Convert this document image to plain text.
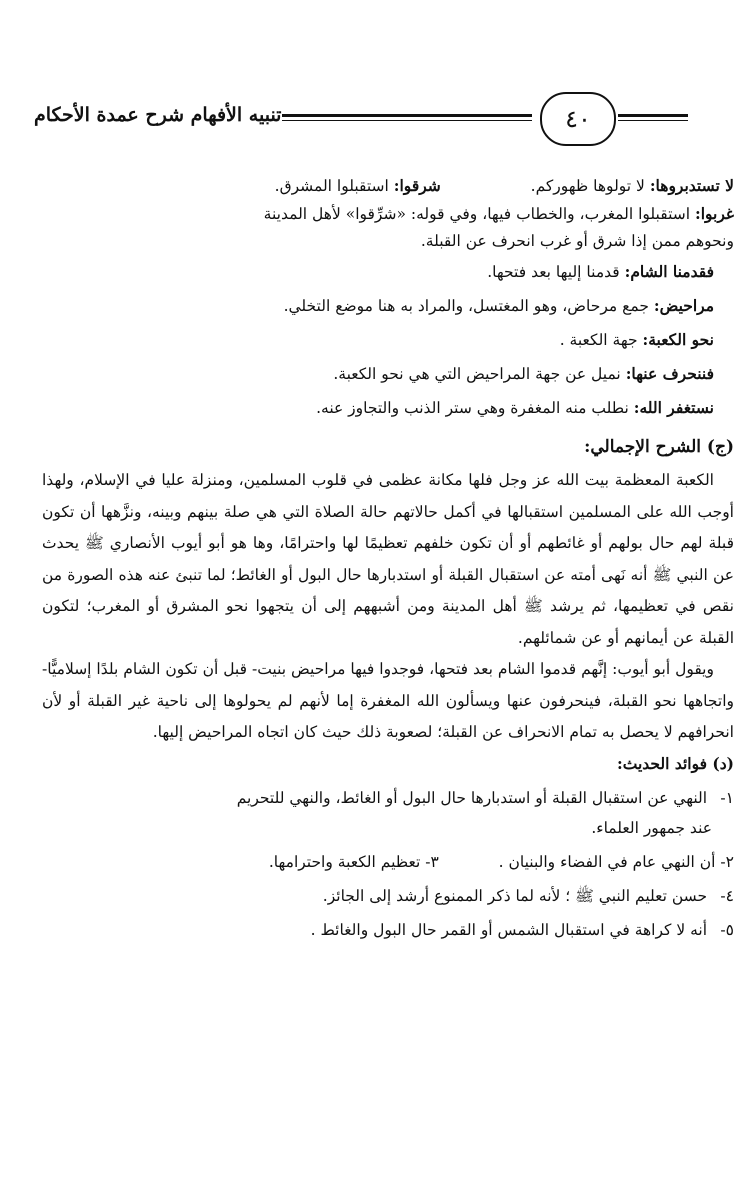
تنبيه الأفهام شرح عمدة الأحكام	٤٠

لا تستدبروها: لا تولوها ظهوركم.  شرقوا: استقبلوا المشرق.

غربوا: استقبلوا المغرب، والخطاب فيها، وفي قوله: «شرِّقوا» لأهل المدينة

ونحوهم ممن إذا شرق أو غرب انحرف عن القبلة.

فقدمنا الشام: قدمنا إليها بعد فتحها.

مراحيض: جمع مرحاض، وهو المغتسل، والمراد به هنا موضع التخلي.

نحو الكعبة: جهة الكعبة .

فننحرف عنها: نميل عن جهة المراحيض التي هي نحو الكعبة.

نستغفر الله: نطلب منه المغفرة وهي ستر الذنب والتجاوز عنه.

(ج) الشرح الإجمالي:

الكعبة المعظمة بيت الله عز وجل فلها مكانة عظمى في قلوب المسلمين، ومنزلة عليا في الإسلام، ولهذا أوجب الله على المسلمين استقبالها في أكمل حالاتهم حالة الصلاة التي هي صلة بينهم وبينه، ونزَّهها أن تكون قبلة لهم حال بولهم أو غائطهم أو أن تكون خلفهم تعظيمًا لها واحترامًا، وها هو أبو أيوب الأنصاري ﷺ يحدث عن النبي ﷺ أنه نَهى أمته عن استقبال القبلة أو استدبارها حال البول أو الغائط؛ لما تنبئ عنه هذه الصورة من نقص في تعظيمها، ثم يرشد ﷺ أهل المدينة ومن أشبههم إلى أن يتجهوا نحو المشرق أو المغرب؛ لتكون القبلة عن أيمانهم أو عن شمائلهم.

ويقول أبو أيوب: إنَّهم قدموا الشام بعد فتحها، فوجدوا فيها مراحيض بنيت- قبل أن تكون الشام بلدًا إسلاميًّا- واتجاهها نحو القبلة، فينحرفون عنها ويسألون الله المغفرة إما لأنهم لم يحولوها إلى ناحية غير القبلة أو لأن انحرافهم لا يحصل به تمام الانحراف عن القبلة؛ لصعوبة ذلك حيث كان اتجاه المراحيض إليها.

(د) فوائد الحديث:

١- النهي عن استقبال القبلة أو استدبارها حال البول أو الغائط، والنهي للتحريم

عند جمهور العلماء.

٢- أن النهي عام في الفضاء والبنيان .  ٣- تعظيم الكعبة واحترامها.

٤- حسن تعليم النبي ﷺ ؛ لأنه لما ذكر الممنوع أرشد إلى الجائز.

٥- أنه لا كراهة في استقبال الشمس أو القمر حال البول والغائط .
